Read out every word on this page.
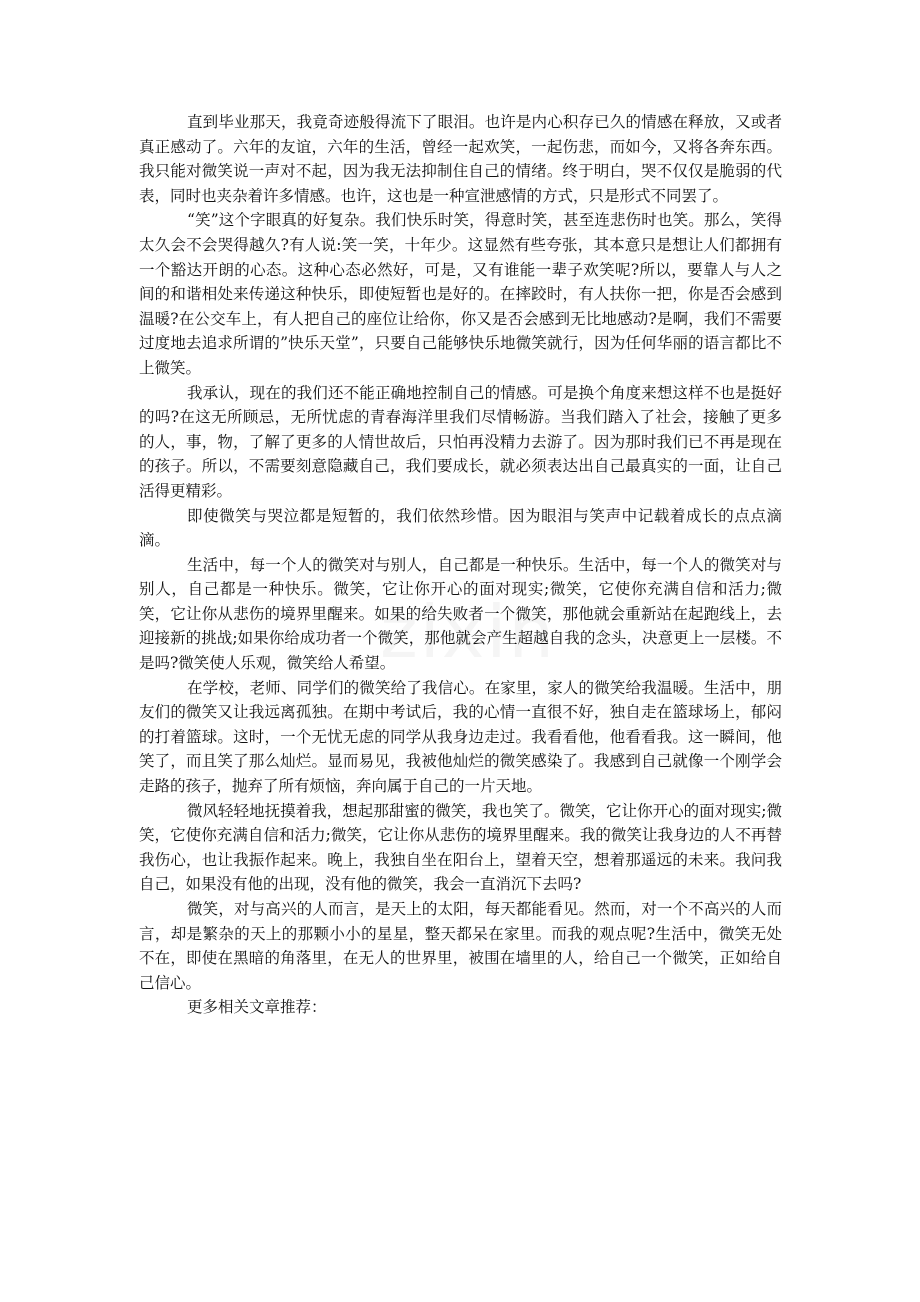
zixin

直到毕业那天，我竟奇迹般得流下了眼泪。也许是内心积存已久的情感在释放，又或者真正感动了。六年的友谊，六年的生活，曾经一起欢笑，一起伤悲，而如今，又将各奔东西。我只能对微笑说一声对不起，因为我无法抑制住自己的情绪。终于明白，哭不仅仅是脆弱的代表，同时也夹杂着许多情感。也许，这也是一种宣泄感情的方式，只是形式不同罢了。

“笑”这个字眼真的好复杂。我们快乐时笑，得意时笑，甚至连悲伤时也笑。那么，笑得太久会不会哭得越久?有人说:笑一笑，十年少。这显然有些夸张，其本意只是想让人们都拥有一个豁达开朗的心态。这种心态必然好，可是，又有谁能一辈子欢笑呢?所以，要靠人与人之间的和谐相处来传递这种快乐，即使短暂也是好的。在摔跤时，有人扶你一把，你是否会感到温暖?在公交车上，有人把自己的座位让给你，你又是否会感到无比地感动?是啊，我们不需要过度地去追求所谓的”快乐天堂”，只要自己能够快乐地微笑就行，因为任何华丽的语言都比不上微笑。

我承认，现在的我们还不能正确地控制自己的情感。可是换个角度来想这样不也是挺好的吗?在这无所顾忌，无所忧虑的青春海洋里我们尽情畅游。当我们踏入了社会，接触了更多的人，事，物，了解了更多的人情世故后，只怕再没精力去游了。因为那时我们已不再是现在的孩子。所以，不需要刻意隐藏自己，我们要成长，就必须表达出自己最真实的一面，让自己活得更精彩。

即使微笑与哭泣都是短暂的，我们依然珍惜。因为眼泪与笑声中记载着成长的点点滴滴。

生活中，每一个人的微笑对与别人，自己都是一种快乐。生活中，每一个人的微笑对与别人，自己都是一种快乐。微笑，它让你开心的面对现实;微笑，它使你充满自信和活力;微笑，它让你从悲伤的境界里醒来。如果的给失败者一个微笑，那他就会重新站在起跑线上，去迎接新的挑战;如果你给成功者一个微笑，那他就会产生超越自我的念头，决意更上一层楼。不是吗?微笑使人乐观，微笑给人希望。

在学校，老师、同学们的微笑给了我信心。在家里，家人的微笑给我温暖。生活中，朋友们的微笑又让我远离孤独。在期中考试后，我的心情一直很不好，独自走在篮球场上，郁闷的打着篮球。这时，一个无忧无虑的同学从我身边走过。我看看他，他看看我。这一瞬间，他笑了，而且笑了那么灿烂。显而易见，我被他灿烂的微笑感染了。我感到自己就像一个刚学会走路的孩子，抛弃了所有烦恼，奔向属于自己的一片天地。

微风轻轻地抚摸着我，想起那甜蜜的微笑，我也笑了。微笑，它让你开心的面对现实;微笑，它使你充满自信和活力;微笑，它让你从悲伤的境界里醒来。我的微笑让我身边的人不再替我伤心，也让我振作起来。晚上，我独自坐在阳台上，望着天空，想着那遥远的未来。我问我自己，如果没有他的出现，没有他的微笑，我会一直消沉下去吗?

微笑，对与高兴的人而言，是天上的太阳，每天都能看见。然而，对一个不高兴的人而言，却是繁杂的天上的那颗小小的星星，整天都呆在家里。而我的观点呢?生活中，微笑无处不在，即使在黑暗的角落里，在无人的世界里，被围在墙里的人，给自己一个微笑，正如给自己信心。

更多相关文章推荐：
